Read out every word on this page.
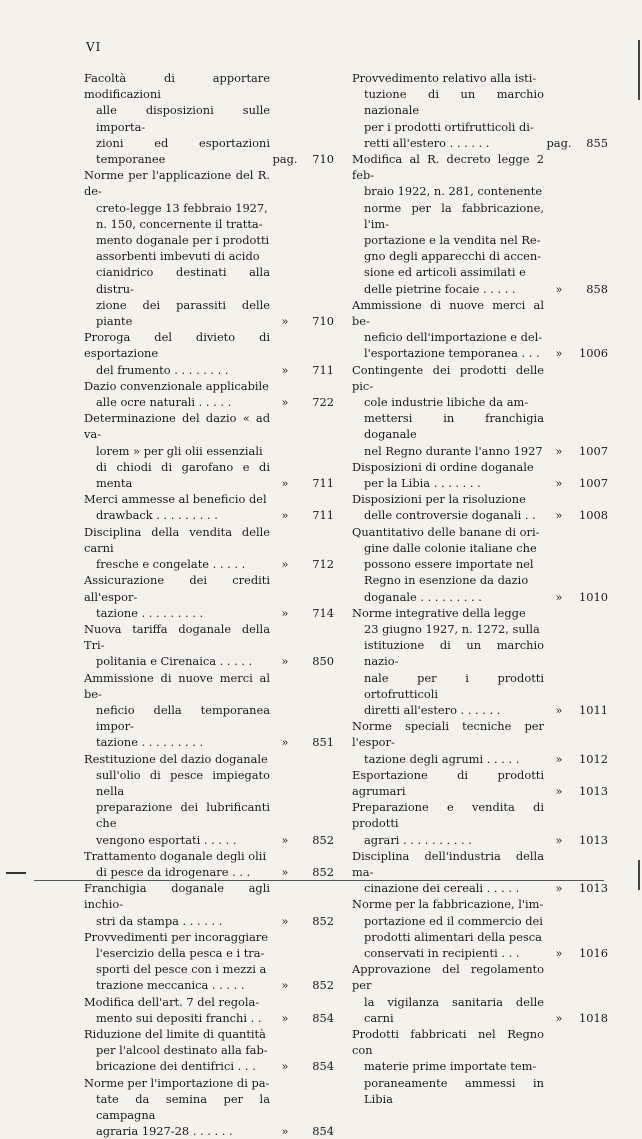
VI
Facoltà di apportare modificazioni
alle disposizioni sulle importa-
zioni ed esportazioni temporanee	pag.	710
Norme per l'applicazione del R. de-
creto-legge 13 febbraio 1927,
n. 150, concernente il tratta-
mento doganale per i prodotti
assorbenti imbevuti di acido
cianidrico destinati alla distru-
zione dei parassiti delle piante	»	710
Proroga del divieto di esportazione
del frumento . . . . . . . .	»	711
Dazio convenzionale applicabile
alle ocre naturali . . . . .	»	722
Determinazione del dazio « ad va-
lorem » per gli olii essenziali
di chiodi di garofano e di menta	»	711
Merci ammesse al beneficio del
drawback . . . . . . . . .	»	711
Disciplina della vendita delle carni
fresche e congelate . . . . .	»	712
Assicurazione dei crediti all'espor-
tazione . . . . . . . . .	»	714
Nuova tariffa doganale della Tri-
politania e Cirenaica . . . . .	»	850
Ammissione di nuove merci al be-
neficio della temporanea impor-
tazione . . . . . . . . .	»	851
Restituzione del dazio doganale
sull'olio di pesce impiegato nella
preparazione dei lubrificanti che
vengono esportati . . . . .	»	852
Trattamento doganale degli olii
di pesce da idrogenare . . .	»	852
Franchigia doganale agli inchio-
stri da stampa . . . . . .	»	852
Provvedimenti per incoraggiare
l'esercizio della pesca e i tra-
sporti del pesce con i mezzi a
trazione meccanica . . . . .	»	852
Modifica dell'art. 7 del regola-
mento sui depositi franchi . .	»	854
Riduzione del limite di quantità
per l'alcool destinato alla fab-
bricazione dei dentifrici . . .	»	854
Norme per l'importazione di pa-
tate da semina per la campagna
agraria 1927-28 . . . . . .	»	854
Provvedimento relativo alla isti-
tuzione di un marchio nazionale
per i prodotti ortifrutticoli di-
retti all'estero . . . . . .	pag.	855
Modifica al R. decreto legge 2 feb-
braio 1922, n. 281, contenente
norme per la fabbricazione, l'im-
portazione e la vendita nel Re-
gno degli apparecchi di accen-
sione ed articoli assimilati e
delle pietrine focaie . . . . .	»	858
Ammissione di nuove merci al be-
neficio dell'importazione e del-
l'esportazione temporanea . . .	»	1006
Contingente dei prodotti delle pic-
cole industrie libiche da am-
mettersi in franchigia doganale
nel Regno durante l'anno 1927	»	1007
Disposizioni di ordine doganale
per la Libia . . . . . . .	»	1007
Disposizioni per la risoluzione
delle controversie doganali . .	»	1008
Quantitativo delle banane di ori-
gine dalle colonie italiane che
possono essere importate nel
Regno in esenzione da dazio
doganale . . . . . . . . .	»	1010
Norme integrative della legge
23 giugno 1927, n. 1272, sulla
istituzione di un marchio nazio-
nale per i prodotti ortofrutticoli
diretti all'estero . . . . . .	»	1011
Norme speciali tecniche per l'espor-
tazione degli agrumi . . . . .	»	1012
Esportazione di prodotti agrumari	»	1013
Preparazione e vendita di prodotti
agrari . . . . . . . . . .	»	1013
Disciplina dell'industria della ma-
cinazione dei cereali . . . . .	»	1013
Norme per la fabbricazione, l'im-
portazione ed il commercio dei
prodotti alimentari della pesca
conservati in recipienti . . .	»	1016
Approvazione del regolamento per
la vigilanza sanitaria delle carni	»	1018
Prodotti fabbricati nel Regno con
materie prime importate tem-
poraneamente ammessi in Libia
